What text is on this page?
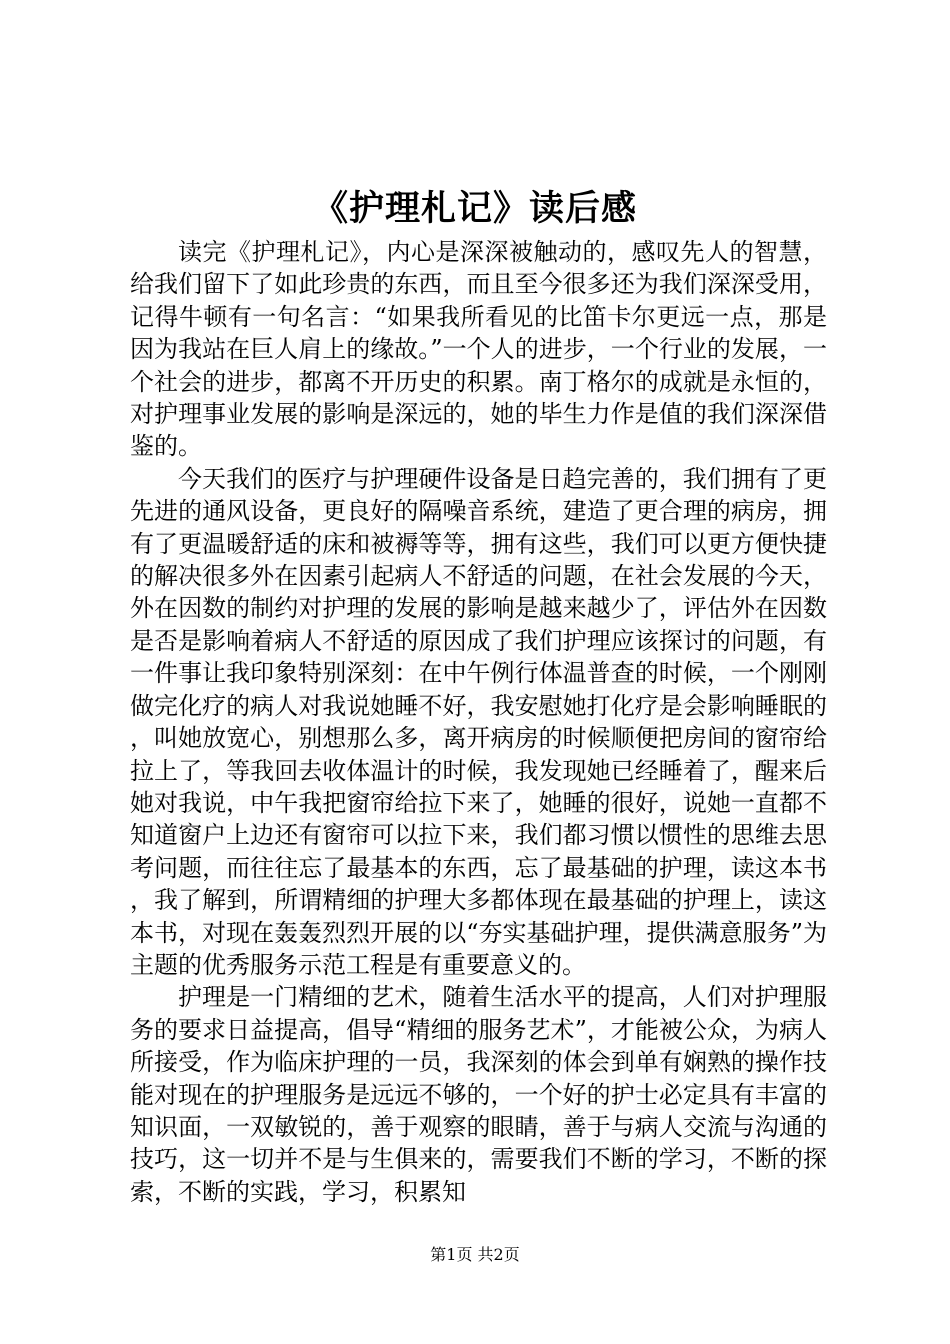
《护理札记》读后感

读完《护理札记》，内心是深深被触动的，感叹先人的智慧，给我们留下了如此珍贵的东西，而且至今很多还为我们深深受用，记得牛顿有一句名言：“如果我所看见的比笛卡尔更远一点，那是因为我站在巨人肩上的缘故。”一个人的进步，一个行业的发展，一个社会的进步，都离不开历史的积累。南丁格尔的成就是永恒的，对护理事业发展的影响是深远的，她的毕生力作是值的我们深深借鉴的。

今天我们的医疗与护理硬件设备是日趋完善的，我们拥有了更先进的通风设备，更良好的隔噪音系统，建造了更合理的病房，拥有了更温暖舒适的床和被褥等等，拥有这些，我们可以更方便快捷的解决很多外在因素引起病人不舒适的问题，在社会发展的今天，外在因数的制约对护理的发展的影响是越来越少了，评估外在因数是否是影响着病人不舒适的原因成了我们护理应该探讨的问题，有一件事让我印象特别深刻：在中午例行体温普查的时候，一个刚刚做完化疗的病人对我说她睡不好，我安慰她打化疗是会影响睡眠的，叫她放宽心，别想那么多，离开病房的时候顺便把房间的窗帘给拉上了，等我回去收体温计的时候，我发现她已经睡着了，醒来后她对我说，中午我把窗帘给拉下来了，她睡的很好，说她一直都不知道窗户上边还有窗帘可以拉下来，我们都习惯以惯性的思维去思考问题，而往往忘了最基本的东西，忘了最基础的护理，读这本书，我了解到，所谓精细的护理大多都体现在最基础的护理上，读这本书，对现在轰轰烈烈开展的以“夯实基础护理，提供满意服务”为主题的优秀服务示范工程是有重要意义的。

护理是一门精细的艺术，随着生活水平的提高，人们对护理服务的要求日益提高，倡导“精细的服务艺术”，才能被公众，为病人所接受，作为临床护理的一员，我深刻的体会到单有娴熟的操作技能对现在的护理服务是远远不够的，一个好的护士必定具有丰富的知识面，一双敏锐的，善于观察的眼睛，善于与病人交流与沟通的技巧，这一切并不是与生俱来的，需要我们不断的学习，不断的探索，不断的实践，学习，积累知

第1页 共2页
